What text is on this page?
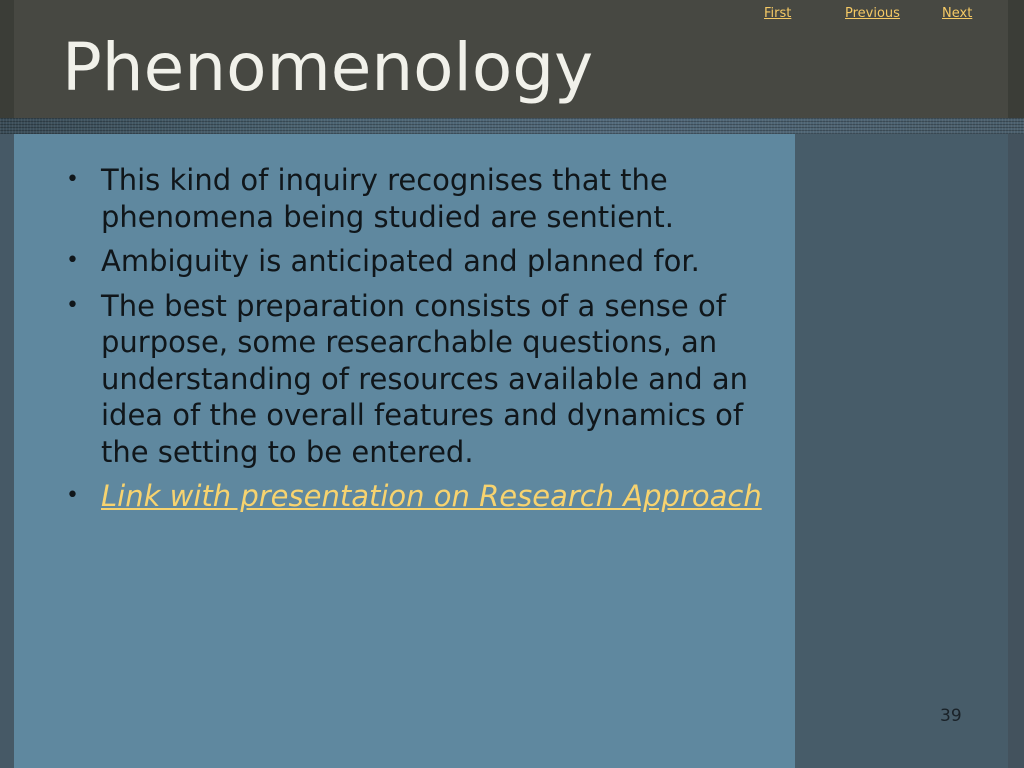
First	Previous	Next
Phenomenology
• This kind of inquiry recognises that the phenomena being studied are sentient.
• Ambiguity is anticipated and planned for.
• The best preparation consists of a sense of purpose, some researchable questions, an understanding of resources available and an idea of the overall features and dynamics of the setting to be entered.
• Link with presentation on Research Approach
39
